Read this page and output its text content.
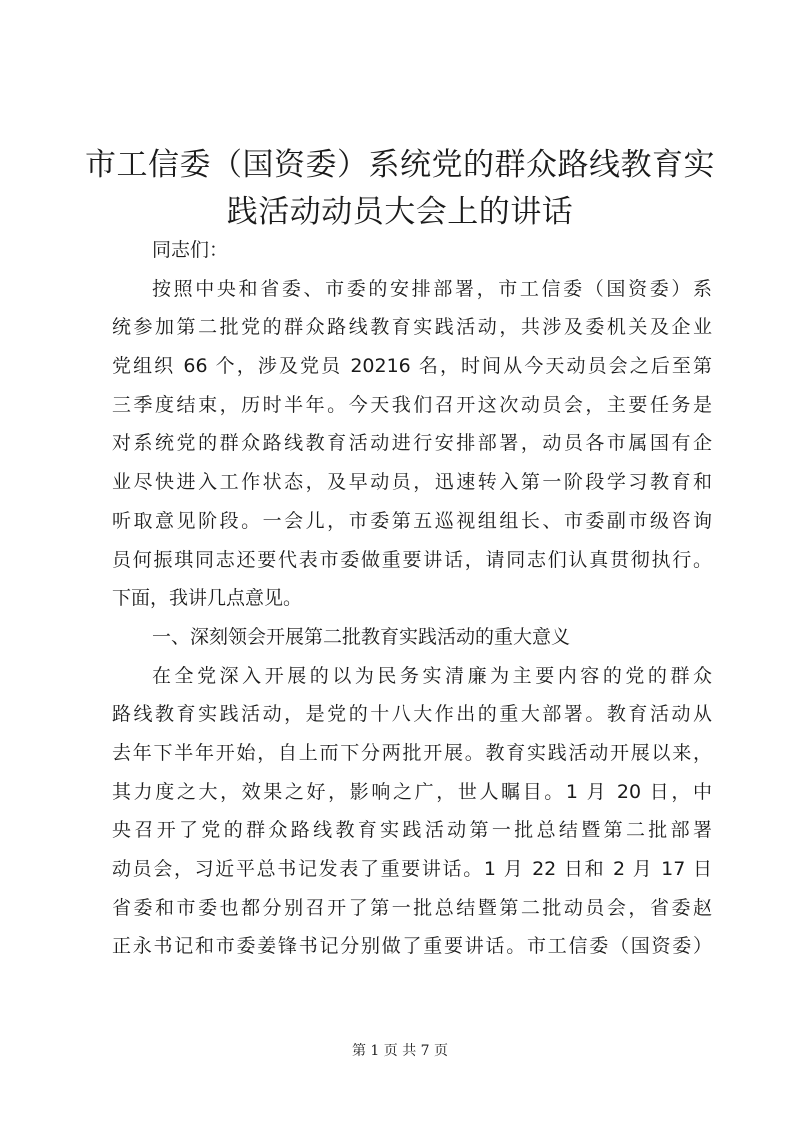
市工信委（国资委）系统党的群众路线教育实
践活动动员大会上的讲话
同志们：
按照中央和省委、市委的安排部署，市工信委（国资委）系
统参加第二批党的群众路线教育实践活动，共涉及委机关及企业
党组织 66 个，涉及党员 20216 名，时间从今天动员会之后至第
三季度结束，历时半年。今天我们召开这次动员会，主要任务是
对系统党的群众路线教育活动进行安排部署，动员各市属国有企
业尽快进入工作状态，及早动员，迅速转入第一阶段学习教育和
听取意见阶段。一会儿，市委第五巡视组组长、市委副市级咨询
员何振琪同志还要代表市委做重要讲话，请同志们认真贯彻执行。
下面，我讲几点意见。
一、深刻领会开展第二批教育实践活动的重大意义
在全党深入开展的以为民务实清廉为主要内容的党的群众
路线教育实践活动，是党的十八大作出的重大部署。教育活动从
去年下半年开始，自上而下分两批开展。教育实践活动开展以来，
其力度之大，效果之好，影响之广，世人瞩目。1 月 20 日，中
央召开了党的群众路线教育实践活动第一批总结暨第二批部署
动员会，习近平总书记发表了重要讲话。1 月 22 日和 2 月 17 日
省委和市委也都分别召开了第一批总结暨第二批动员会，省委赵
正永书记和市委姜锋书记分别做了重要讲话。市工信委（国资委）
第 1 页 共 7 页
